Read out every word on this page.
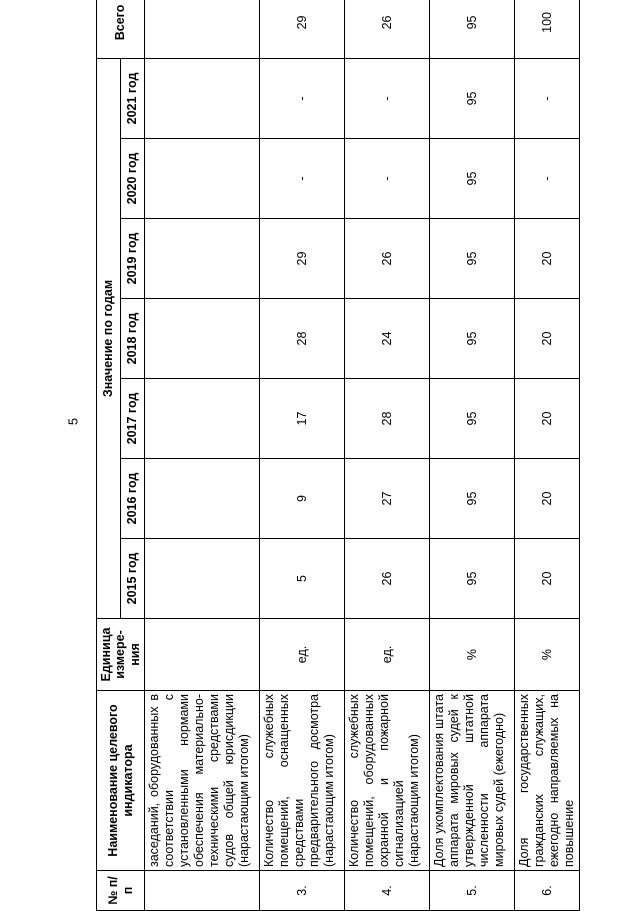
5
№ п/п	Наименование целевого индикатора	Единица измере-ния	Значение по годам							Всего
			2015 год	2016 год	2017 год	2018 год	2019 год	2020 год	2021 год	
	заседаний, оборудованных в соответствии с установленными нормами обеспечения материально-техническими средствами судов общей юрисдикции (нарастающим итогом)									
3.	Количество служебных помещений, оснащенных средствами предварительного досмотра (нарастающим итогом)	ед.	5	9	17	28	29	-	-	29
4.	Количество служебных помещений, оборудованных охранной и пожарной сигнализацией (нарастающим итогом)	ед.	26	27	28	24	26	-	-	26
5.	Доля укомплектования штата аппарата мировых судей к утвержденной штатной численности аппарата мировых судей (ежегодно)	%	95	95	95	95	95	95	95	95
6.	Доля государственных гражданских служащих, ежегодно направляемых на повышение	%	20	20	20	20	20	-	-	100
